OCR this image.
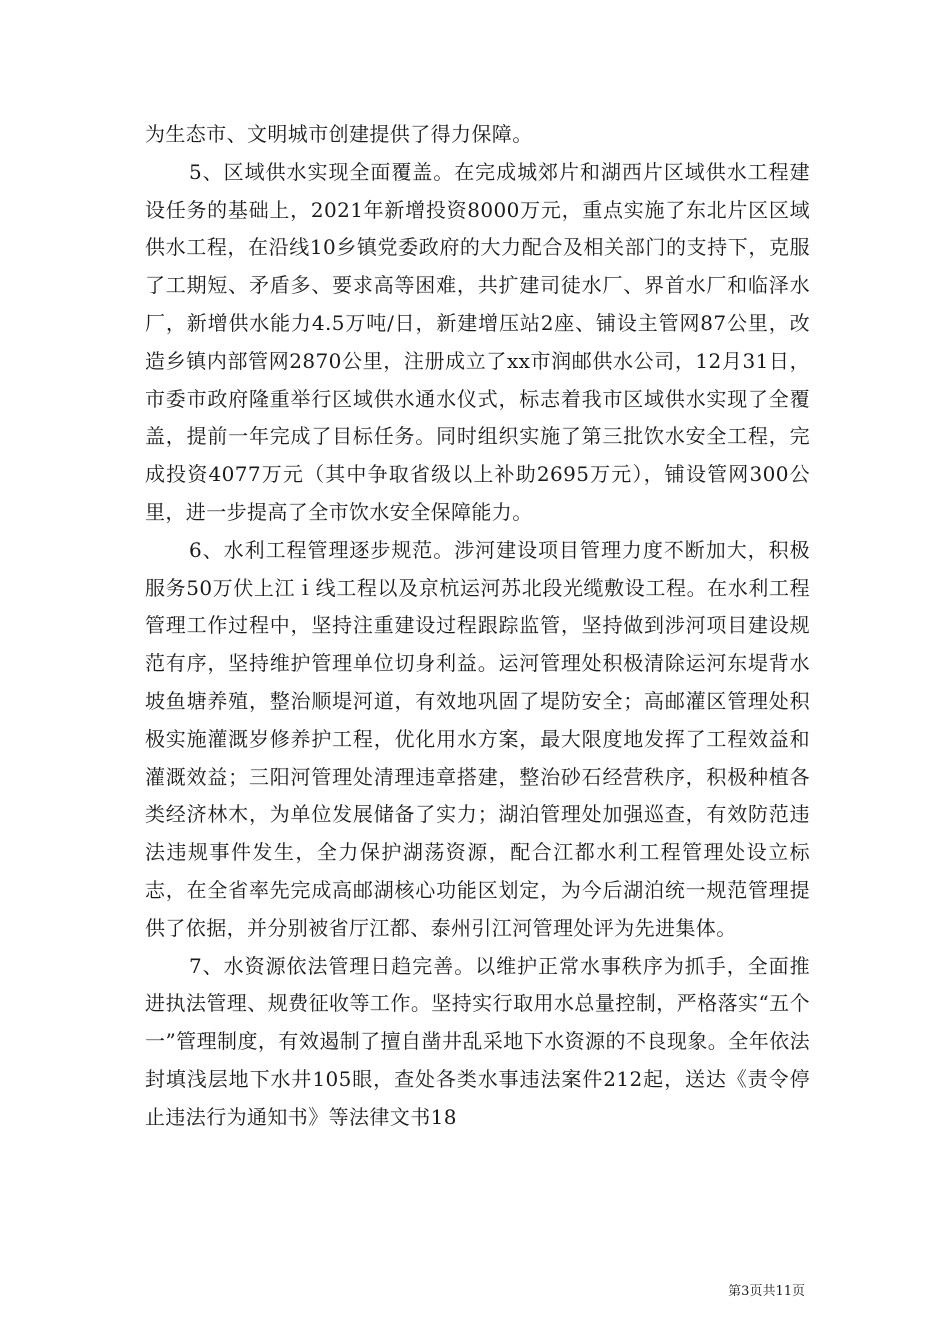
为生态市、文明城市创建提供了得力保障。

5、区域供水实现全面覆盖。在完成城郊片和湖西片区域供水工程建设任务的基础上，2021年新增投资8000万元，重点实施了东北片区区域供水工程，在沿线10乡镇党委政府的大力配合及相关部门的支持下，克服了工期短、矛盾多、要求高等困难，共扩建司徒水厂、界首水厂和临泽水厂，新增供水能力4.5万吨/日，新建增压站2座、铺设主管网87公里，改造乡镇内部管网2870公里，注册成立了xx市润邮供水公司，12月31日，市委市政府隆重举行区域供水通水仪式，标志着我市区域供水实现了全覆盖，提前一年完成了目标任务。同时组织实施了第三批饮水安全工程，完成投资4077万元（其中争取省级以上补助2695万元），铺设管网300公里，进一步提高了全市饮水安全保障能力。

6、水利工程管理逐步规范。涉河建设项目管理力度不断加大，积极服务50万伏上江ｉ线工程以及京杭运河苏北段光缆敷设工程。在水利工程管理工作过程中，坚持注重建设过程跟踪监管，坚持做到涉河项目建设规范有序，坚持维护管理单位切身利益。运河管理处积极清除运河东堤背水坡鱼塘养殖，整治顺堤河道，有效地巩固了堤防安全；高邮灌区管理处积极实施灌溉岁修养护工程，优化用水方案，最大限度地发挥了工程效益和灌溉效益；三阳河管理处清理违章搭建，整治砂石经营秩序，积极种植各类经济林木，为单位发展储备了实力；湖泊管理处加强巡查，有效防范违法违规事件发生，全力保护湖荡资源，配合江都水利工程管理处设立标志，在全省率先完成高邮湖核心功能区划定，为今后湖泊统一规范管理提供了依据，并分别被省厅江都、泰州引江河管理处评为先进集体。

7、水资源依法管理日趋完善。以维护正常水事秩序为抓手，全面推进执法管理、规费征收等工作。坚持实行取用水总量控制，严格落实“五个一”管理制度，有效遏制了擅自凿井乱采地下水资源的不良现象。全年依法封填浅层地下水井105眼，查处各类水事违法案件212起，送达《责令停止违法行为通知书》等法律文书18

第3页共11页
